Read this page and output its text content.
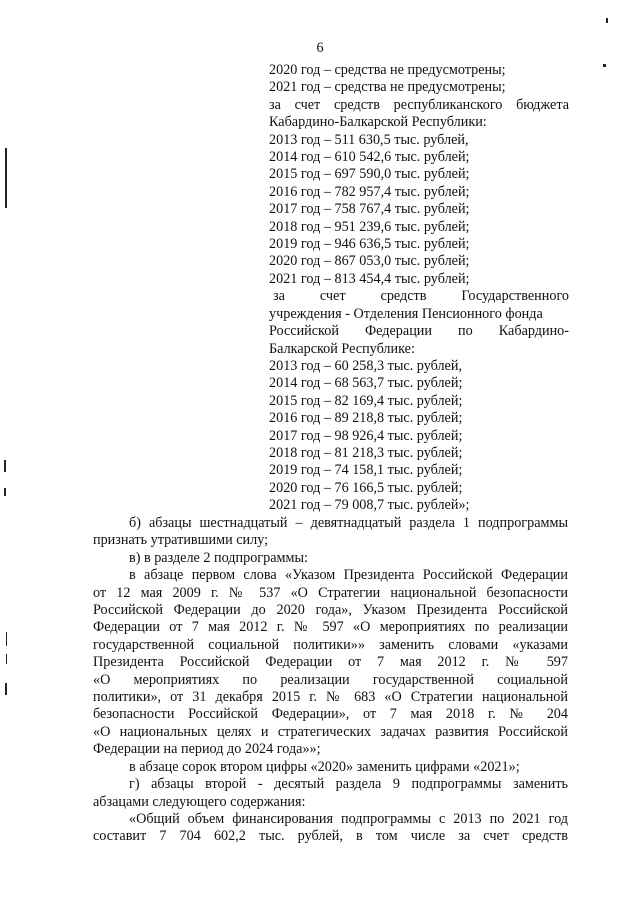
6
2020 год – средства не предусмотрены;
2021 год – средства не предусмотрены;
за счет средств республиканского бюджета
Кабардино-Балкарской Республики:
2013 год – 511 630,5 тыс. рублей,
2014 год – 610 542,6 тыс. рублей;
2015 год – 697 590,0 тыс. рублей;
2016 год – 782 957,4 тыс. рублей;
2017 год – 758 767,4 тыс. рублей;
2018 год – 951 239,6 тыс. рублей;
2019 год – 946 636,5 тыс. рублей;
2020 год – 867 053,0 тыс. рублей;
2021 год – 813 454,4 тыс. рублей;
за счет средств Государственного
учреждения - Отделения Пенсионного фонда
Российской Федерации по Кабардино-
Балкарской Республике:
2013 год – 60 258,3 тыс. рублей,
2014 год – 68 563,7 тыс. рублей;
2015 год – 82 169,4 тыс. рублей;
2016 год – 89 218,8 тыс. рублей;
2017 год – 98 926,4 тыс. рублей;
2018 год – 81 218,3 тыс. рублей;
2019 год – 74 158,1 тыс. рублей;
2020 год – 76 166,5 тыс. рублей;
2021 год – 79 008,7 тыс. рублей»;
б) абзацы шестнадцатый – девятнадцатый раздела 1 подпрограммы
признать утратившими силу;
в) в разделе 2 подпрограммы:
в абзаце первом слова «Указом Президента Российской Федерации
от 12 мая 2009 г. № 537 «О Стратегии национальной безопасности
Российской Федерации до 2020 года», Указом Президента Российской
Федерации от 7 мая 2012 г. № 597 «О мероприятиях по реализации
государственной социальной политики»» заменить словами «указами
Президента Российской Федерации от 7 мая 2012 г. № 597
«О мероприятиях по реализации государственной социальной
политики», от 31 декабря 2015 г. № 683 «О Стратегии национальной
безопасности Российской Федерации», от 7 мая 2018 г. № 204
«О национальных целях и стратегических задачах развития Российской
Федерации на период до 2024 года»»;
в абзаце сорок втором цифры «2020» заменить цифрами «2021»;
г) абзацы второй - десятый раздела 9 подпрограммы заменить
абзацами следующего содержания:
«Общий объем финансирования подпрограммы с 2013 по 2021 год
составит 7 704 602,2 тыс. рублей, в том числе за счет средств
